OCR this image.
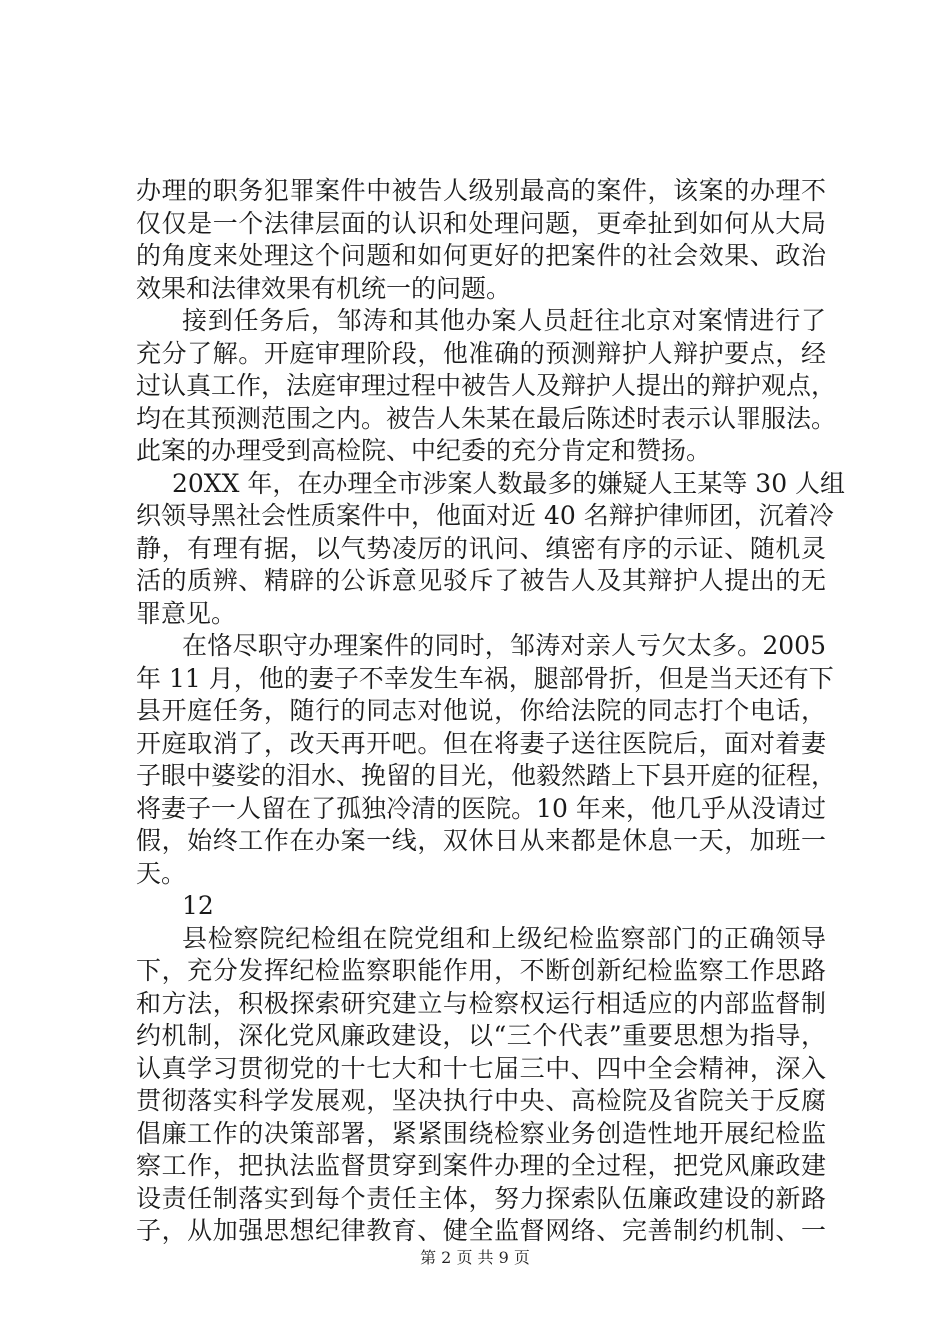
办理的职务犯罪案件中被告人级别最高的案件，该案的办理不
仅仅是一个法律层面的认识和处理问题，更牵扯到如何从大局
的角度来处理这个问题和如何更好的把案件的社会效果、政治
效果和法律效果有机统一的问题。
接到任务后，邹涛和其他办案人员赶往北京对案情进行了
充分了解。开庭审理阶段，他准确的预测辩护人辩护要点，经
过认真工作，法庭审理过程中被告人及辩护人提出的辩护观点，
均在其预测范围之内。被告人朱某在最后陈述时表示认罪服法。
此案的办理受到高检院、中纪委的充分肯定和赞扬。
20XX 年，在办理全市涉案人数最多的嫌疑人王某等 30 人组
织领导黑社会性质案件中，他面对近 40 名辩护律师团，沉着冷
静，有理有据，以气势凌厉的讯问、缜密有序的示证、随机灵
活的质辨、精辟的公诉意见驳斥了被告人及其辩护人提出的无
罪意见。
在恪尽职守办理案件的同时，邹涛对亲人亏欠太多。2005
年 11 月，他的妻子不幸发生车祸，腿部骨折，但是当天还有下
县开庭任务，随行的同志对他说，你给法院的同志打个电话，
开庭取消了，改天再开吧。但在将妻子送往医院后，面对着妻
子眼中婆娑的泪水、挽留的目光，他毅然踏上下县开庭的征程，
将妻子一人留在了孤独冷清的医院。10 年来，他几乎从没请过
假，始终工作在办案一线，双休日从来都是休息一天，加班一
天。
12
县检察院纪检组在院党组和上级纪检监察部门的正确领导
下，充分发挥纪检监察职能作用，不断创新纪检监察工作思路
和方法，积极探索研究建立与检察权运行相适应的内部监督制
约机制，深化党风廉政建设，以“三个代表”重要思想为指导，
认真学习贯彻党的十七大和十七届三中、四中全会精神，深入
贯彻落实科学发展观，坚决执行中央、高检院及省院关于反腐
倡廉工作的决策部署，紧紧围绕检察业务创造性地开展纪检监
察工作，把执法监督贯穿到案件办理的全过程，把党风廉政建
设责任制落实到每个责任主体，努力探索队伍廉政建设的新路
子，从加强思想纪律教育、健全监督网络、完善制约机制、一
第 2 页 共 9 页
